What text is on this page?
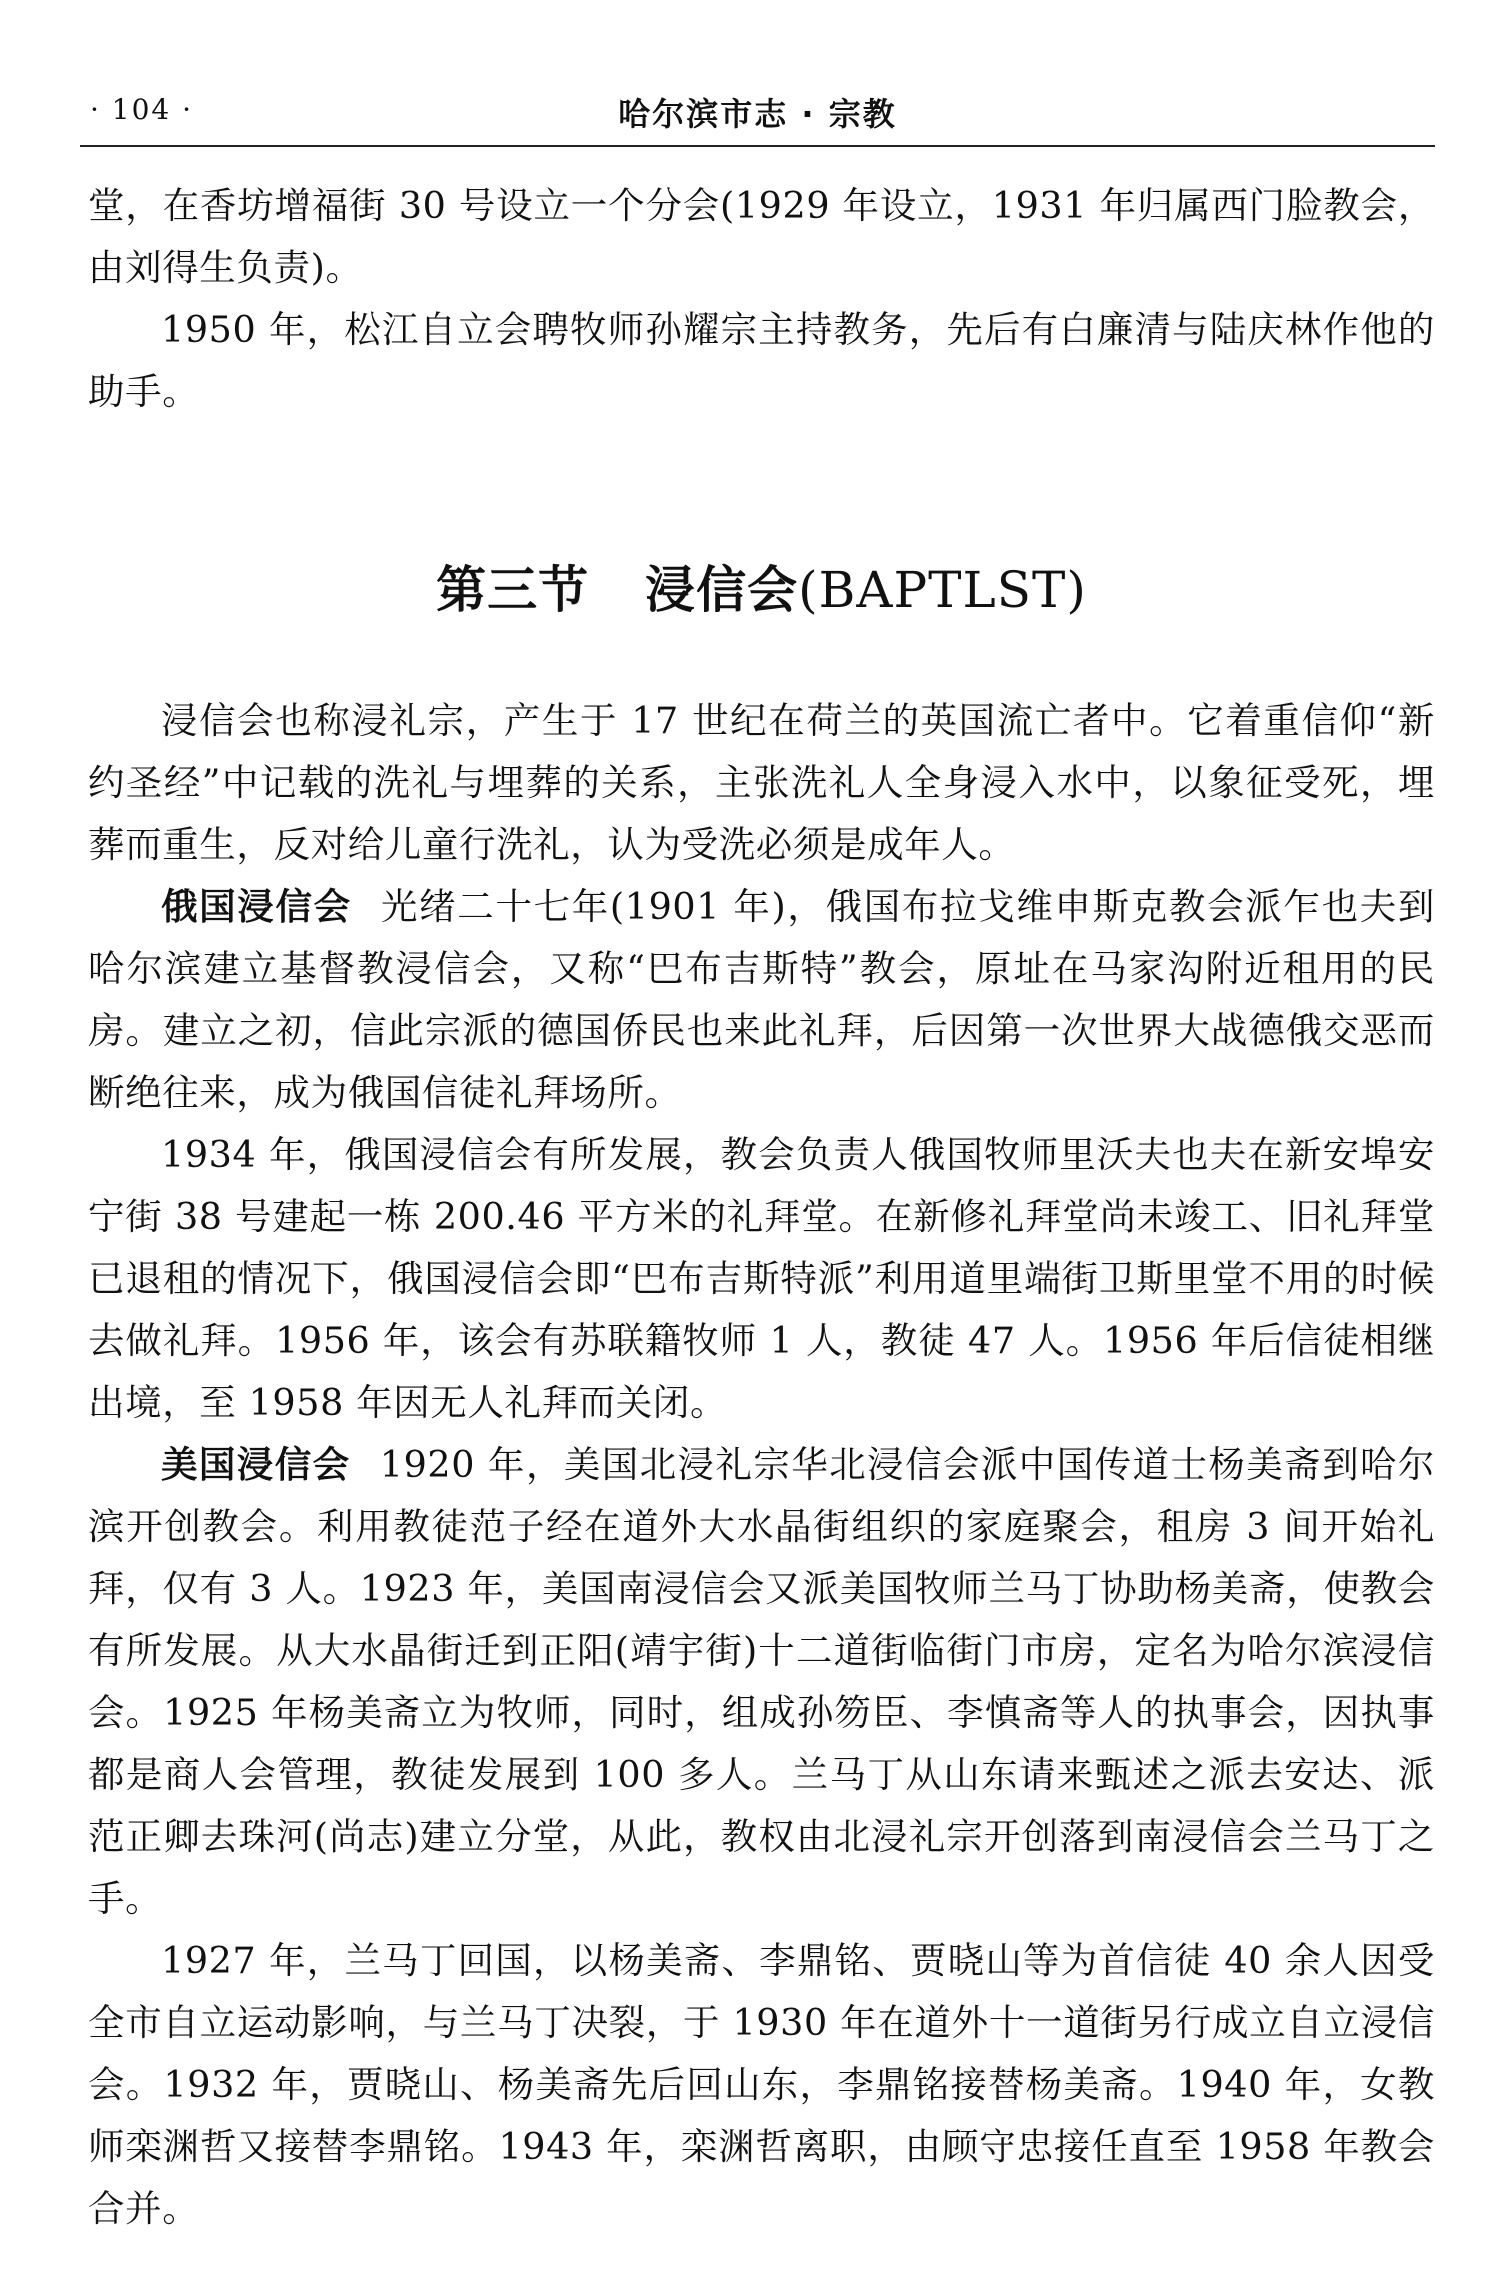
· 104 ·	哈尔滨市志 · 宗教

堂，在香坊增福街 30 号设立一个分会(1929 年设立，1931 年归属西门脸教会，由刘得生负责)。

1950 年，松江自立会聘牧师孙耀宗主持教务，先后有白廉清与陆庆林作他的助手。

第三节 浸信会(BAPTLST)

浸信会也称浸礼宗，产生于 17 世纪在荷兰的英国流亡者中。它着重信仰“新约圣经”中记载的洗礼与埋葬的关系，主张洗礼人全身浸入水中，以象征受死，埋葬而重生，反对给儿童行洗礼，认为受洗必须是成年人。

俄国浸信会 光绪二十七年(1901 年)，俄国布拉戈维申斯克教会派乍也夫到哈尔滨建立基督教浸信会，又称“巴布吉斯特”教会，原址在马家沟附近租用的民房。建立之初，信此宗派的德国侨民也来此礼拜，后因第一次世界大战德俄交恶而断绝往来，成为俄国信徒礼拜场所。

1934 年，俄国浸信会有所发展，教会负责人俄国牧师里沃夫也夫在新安埠安宁街 38 号建起一栋 200.46 平方米的礼拜堂。在新修礼拜堂尚未竣工、旧礼拜堂已退租的情况下，俄国浸信会即“巴布吉斯特派”利用道里端街卫斯里堂不用的时候去做礼拜。1956 年，该会有苏联籍牧师 1 人，教徒 47 人。1956 年后信徒相继出境，至 1958 年因无人礼拜而关闭。

美国浸信会 1920 年，美国北浸礼宗华北浸信会派中国传道士杨美斋到哈尔滨开创教会。利用教徒范子经在道外大水晶街组织的家庭聚会，租房 3 间开始礼拜，仅有 3 人。1923 年，美国南浸信会又派美国牧师兰马丁协助杨美斋，使教会有所发展。从大水晶街迁到正阳(靖宇街)十二道街临街门市房，定名为哈尔滨浸信会。1925 年杨美斋立为牧师，同时，组成孙笏臣、李慎斋等人的执事会，因执事都是商人会管理，教徒发展到 100 多人。兰马丁从山东请来甄述之派去安达、派范正卿去珠河(尚志)建立分堂，从此，教权由北浸礼宗开创落到南浸信会兰马丁之手。

1927 年，兰马丁回国，以杨美斋、李鼎铭、贾晓山等为首信徒 40 余人因受全市自立运动影响，与兰马丁决裂，于 1930 年在道外十一道街另行成立自立浸信会。1932 年，贾晓山、杨美斋先后回山东，李鼎铭接替杨美斋。1940 年，女教师栾渊哲又接替李鼎铭。1943 年，栾渊哲离职，由顾守忠接任直至 1958 年教会合并。
